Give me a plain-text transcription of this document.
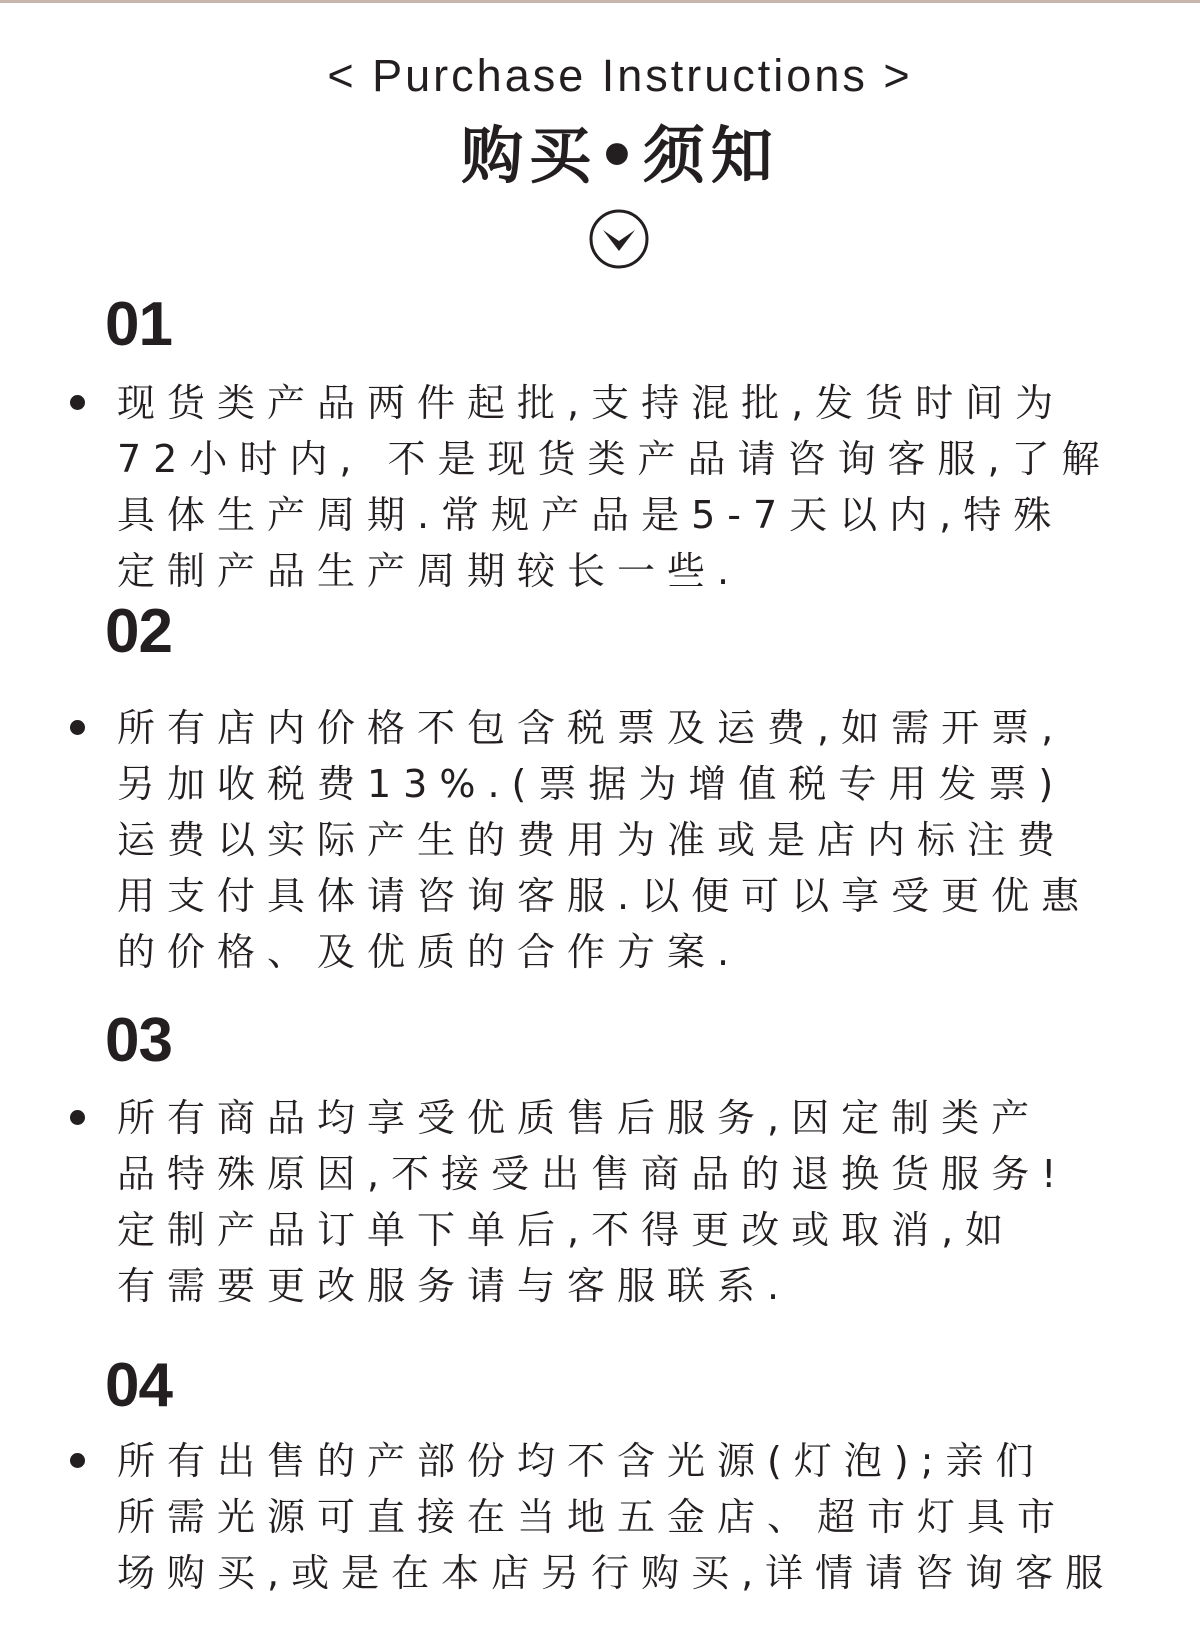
< Purchase Instructions >
购买•须知
01
现货类产品两件起批,支持混批,发货时间为
72小时内, 不是现货类产品请咨询客服,了解
具体生产周期.常规产品是5-7天以内,特殊
定制产品生产周期较长一些.
02
所有店内价格不包含税票及运费,如需开票,
另加收税费13%.(票据为增值税专用发票)
运费以实际产生的费用为准或是店内标注费
用支付具体请咨询客服.以便可以享受更优惠
的价格、及优质的合作方案.
03
所有商品均享受优质售后服务,因定制类产
品特殊原因,不接受出售商品的退换货服务!
定制产品订单下单后,不得更改或取消,如
有需要更改服务请与客服联系.
04
所有出售的产部份均不含光源(灯泡);亲们
所需光源可直接在当地五金店、超市灯具市
场购买,或是在本店另行购买,详情请咨询客服
